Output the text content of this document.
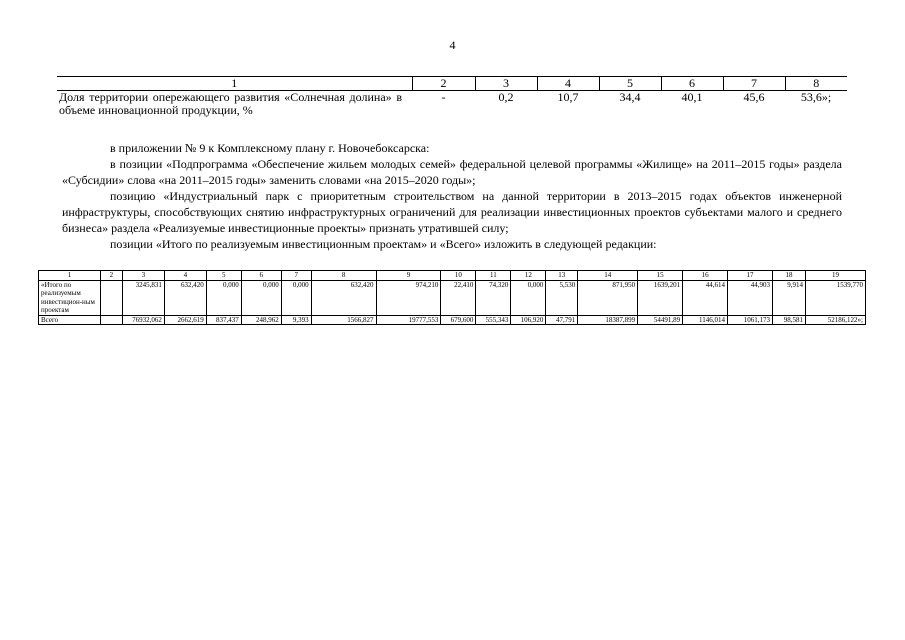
4
1	2	3	4	5	6	7	8
Доля территории опережающего развития «Солнечная долина» в объеме инновационной продукции, %	-	0,2	10,7	34,4	40,1	45,6	53,6»;

в приложении № 9 к Комплексному плану г. Новочебоксарска:

в позиции «Подпрограмма «Обеспечение жильем молодых семей» федеральной целевой программы «Жилище» на 2011–2015 годы» раздела «Субсидии» слова «на 2011–2015 годы» заменить словами «на 2015–2020 годы»;

позицию «Индустриальный парк с приоритетным строительством на данной территории в 2013–2015 годах объектов инженерной инфраструктуры, способствующих снятию инфраструктурных ограничений для реализации инвестиционных проектов субъектами малого и среднего бизнеса» раздела «Реализуемые инвестиционные проекты» признать утратившей силу;

позиции «Итого по реализуемым инвестиционным проектам» и «Всего» изложить в следующей редакции:

1	2	3	4	5	6	7	8	9	10	11	12	13	14	15	16	17	18	19
«Итого по реализуемым инвестицион-ным проектам		3245,831	632,420	0,000	0,000	0,000	632,420	974,210	22,410	74,320	0,000	5,530	871,950	1639,201	44,614	44,903	9,914	1539,770
Всего		76932,062	2662,619	837,437	248,962	9,393	1566,827	19777,553	679,600	555,343	106,920	47,791	18387,899	54491,89	1146,014	1061,173	98,581	52186,122»;
